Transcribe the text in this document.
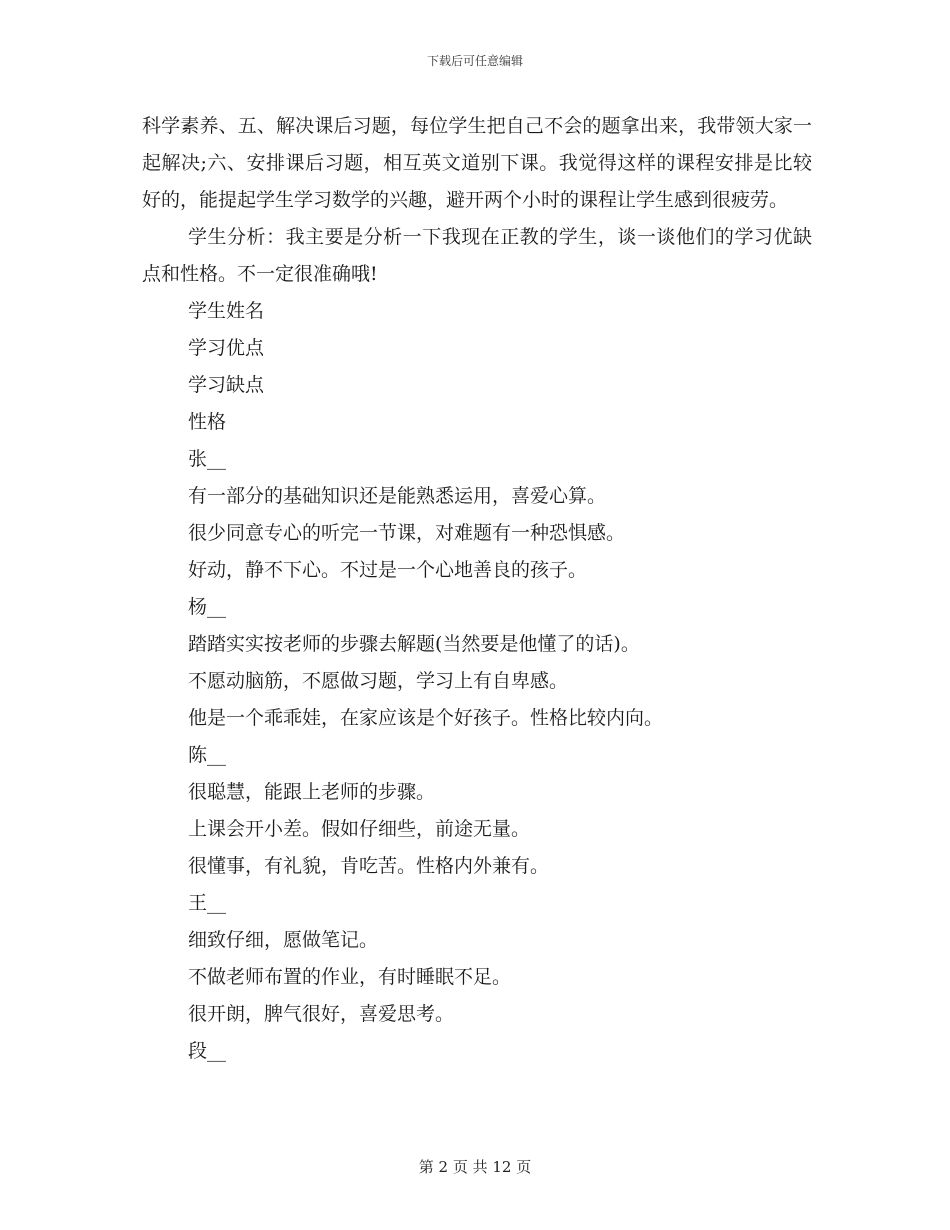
下载后可任意编辑

科学素养、五、解决课后习题，每位学生把自己不会的题拿出来，我带领大家一起解决;六、安排课后习题，相互英文道别下课。我觉得这样的课程安排是比较好的，能提起学生学习数学的兴趣，避开两个小时的课程让学生感到很疲劳。

学生分析：我主要是分析一下我现在正教的学生，谈一谈他们的学习优缺点和性格。不一定很准确哦!

学生姓名
学习优点
学习缺点
性格
张__
有一部分的基础知识还是能熟悉运用，喜爱心算。
很少同意专心的听完一节课，对难题有一种恐惧感。
好动，静不下心。不过是一个心地善良的孩子。
杨__
踏踏实实按老师的步骤去解题(当然要是他懂了的话)。
不愿动脑筋，不愿做习题，学习上有自卑感。
他是一个乖乖娃，在家应该是个好孩子。性格比较内向。
陈__
很聪慧，能跟上老师的步骤。
上课会开小差。假如仔细些，前途无量。
很懂事，有礼貌，肯吃苦。性格内外兼有。
王__
细致仔细，愿做笔记。
不做老师布置的作业，有时睡眠不足。
很开朗，脾气很好，喜爱思考。
段__
第 2 页 共 12 页
